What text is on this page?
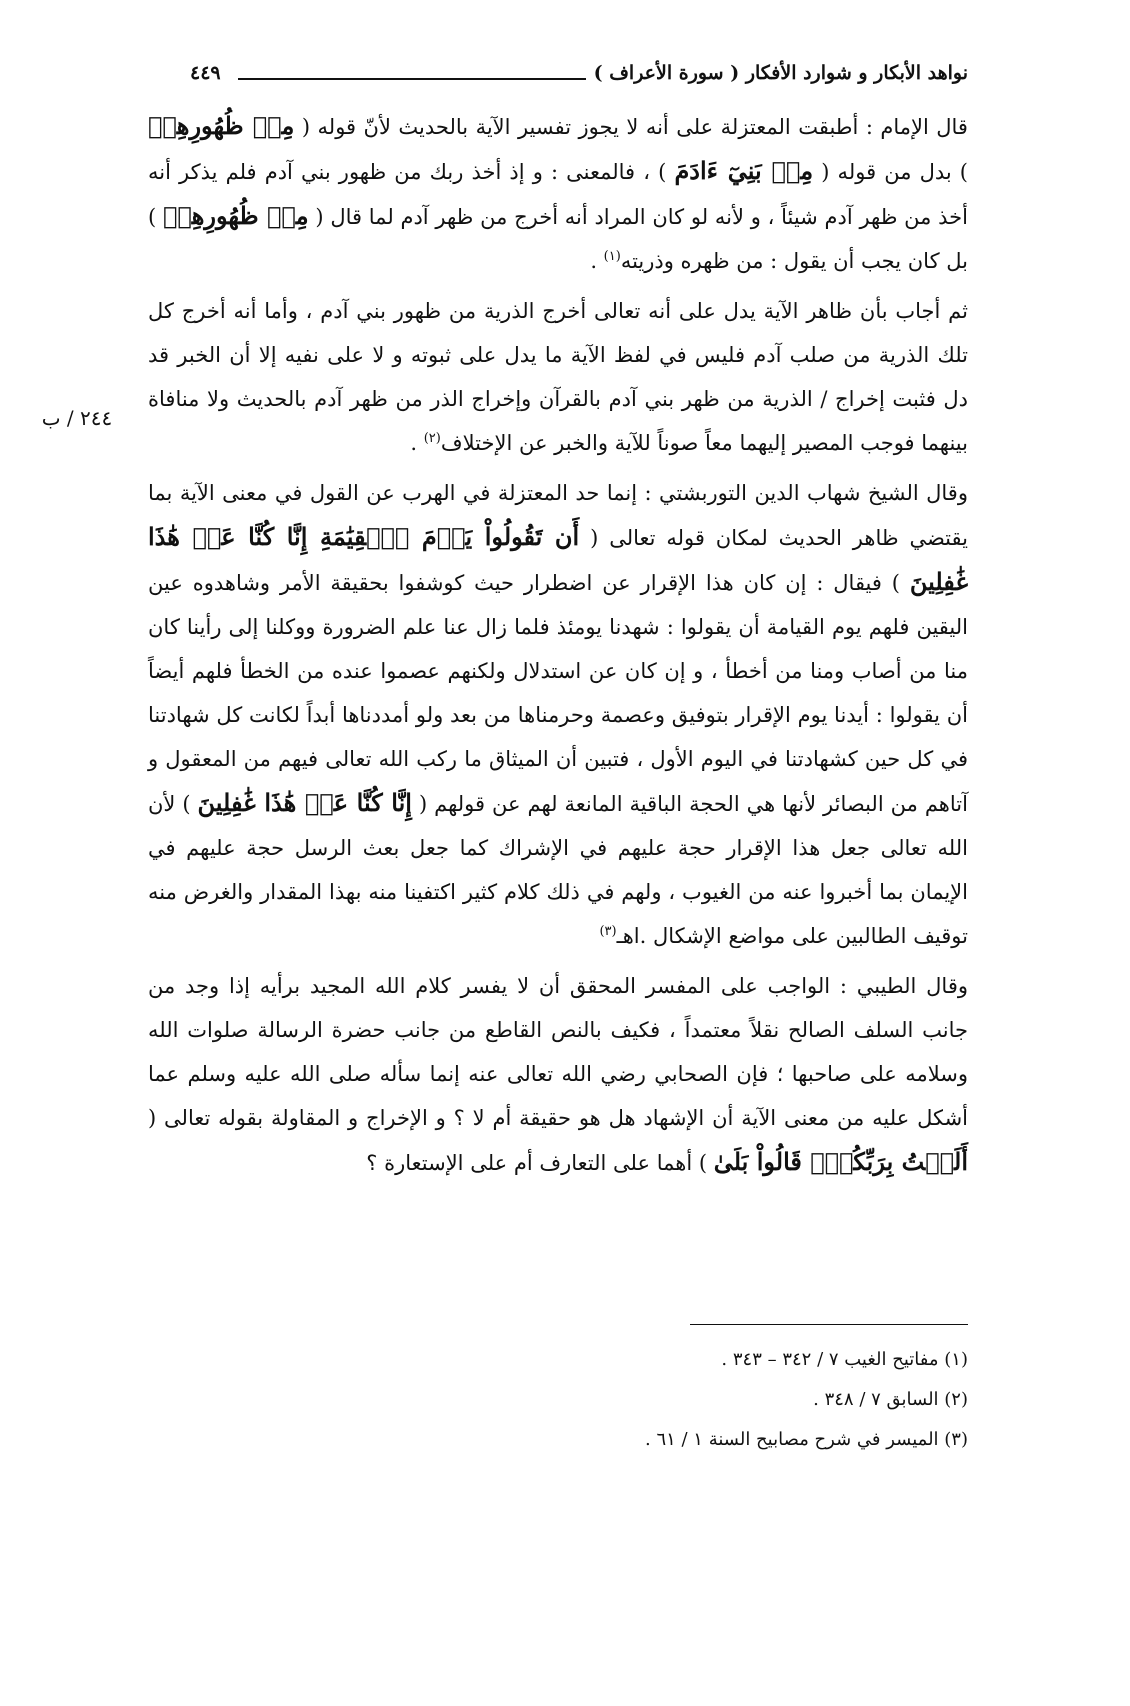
نواهد الأبكار و شوارد الأفكار ( سورة الأعراف )
٤٤٩
٢٤٤ / ب

قال الإمام : أطبقت المعتزلة على أنه لا يجوز تفسير الآية بالحديث لأنّ قوله ( مِنۢ ظُهُورِهِمۡ ) بدل من قوله ( مِنۢ بَنِيٓ ءَادَمَ ) ، فالمعنى : و إذ أخذ ربك من ظهور بني آدم فلم يذكر أنه أخذ من ظهر آدم شيئاً ، و لأنه لو كان المراد أنه أخرج من ظهر آدم لما قال ( مِنۢ ظُهُورِهِمۡ ) بل كان يجب أن يقول : من ظهره وذريته$^{(١)}$ .

ثم أجاب بأن ظاهر الآية يدل على أنه تعالى أخرج الذرية من ظهور بني آدم ، وأما أنه أخرج كل تلك الذرية من صلب آدم فليس في لفظ الآية ما يدل على ثبوته و لا على نفيه إلا أن الخبر قد دل فثبت إخراج / الذرية من ظهر بني آدم بالقرآن وإخراج الذر من ظهر آدم بالحديث ولا منافاة بينهما فوجب المصير إليهما معاً صوناً للآية والخبر عن الإختلاف$^{(٢)}$ .

وقال الشيخ شهاب الدين التوربشتي : إنما حد المعتزلة في الهرب عن القول في معنى الآية بما يقتضي ظاهر الحديث لمكان قوله تعالى ( أَن تَقُولُواْ يَوۡمَ ٱلۡقِيَٰمَةِ إِنَّا كُنَّا عَنۡ هَٰذَا غَٰفِلِينَ ) فيقال : إن كان هذا الإقرار عن اضطرار حيث كوشفوا بحقيقة الأمر وشاهدوه عين اليقين فلهم يوم القيامة أن يقولوا : شهدنا يومئذ فلما زال عنا علم الضرورة ووكلنا إلى رأينا كان منا من أصاب ومنا من أخطأ ، و إن كان عن استدلال ولكنهم عصموا عنده من الخطأ فلهم أيضاً أن يقولوا : أيدنا يوم الإقرار بتوفيق وعصمة وحرمناها من بعد ولو أمددناها أبداً لكانت كل شهادتنا في كل حين كشهادتنا في اليوم الأول ، فتبين أن الميثاق ما ركب الله تعالى فيهم من المعقول و آتاهم من البصائر لأنها هي الحجة الباقية المانعة لهم عن قولهم ( إِنَّا كُنَّا عَنۡ هَٰذَا غَٰفِلِينَ ) لأن الله تعالى جعل هذا الإقرار حجة عليهم في الإشراك كما جعل بعث الرسل حجة عليهم في الإيمان بما أخبروا عنه من الغيوب ، ولهم في ذلك كلام كثير اكتفينا منه بهذا المقدار والغرض منه توقيف الطالبين على مواضع الإشكال .اهـ$^{(٣)}$

وقال الطيبي : الواجب على المفسر المحقق أن لا يفسر كلام الله المجيد برأيه إذا وجد من جانب السلف الصالح نقلاً معتمداً ، فكيف بالنص القاطع من جانب حضرة الرسالة صلوات الله وسلامه على صاحبها ؛ فإن الصحابي رضي الله تعالى عنه إنما سأله صلى الله عليه وسلم عما أشكل عليه من معنى الآية أن الإشهاد هل هو حقيقة أم لا ؟ و الإخراج و المقاولة بقوله تعالى ( أَلَسۡتُ بِرَبِّكُمۡۖ قَالُواْ بَلَىٰ ) أهما على التعارف أم على الإستعارة ؟

(١) مفاتيح الغيب ٧ / ٣٤٢ – ٣٤٣ .
(٢) السابق ٧ / ٣٤٨ .
(٣) الميسر في شرح مصابيح السنة ١ / ٦١ .
